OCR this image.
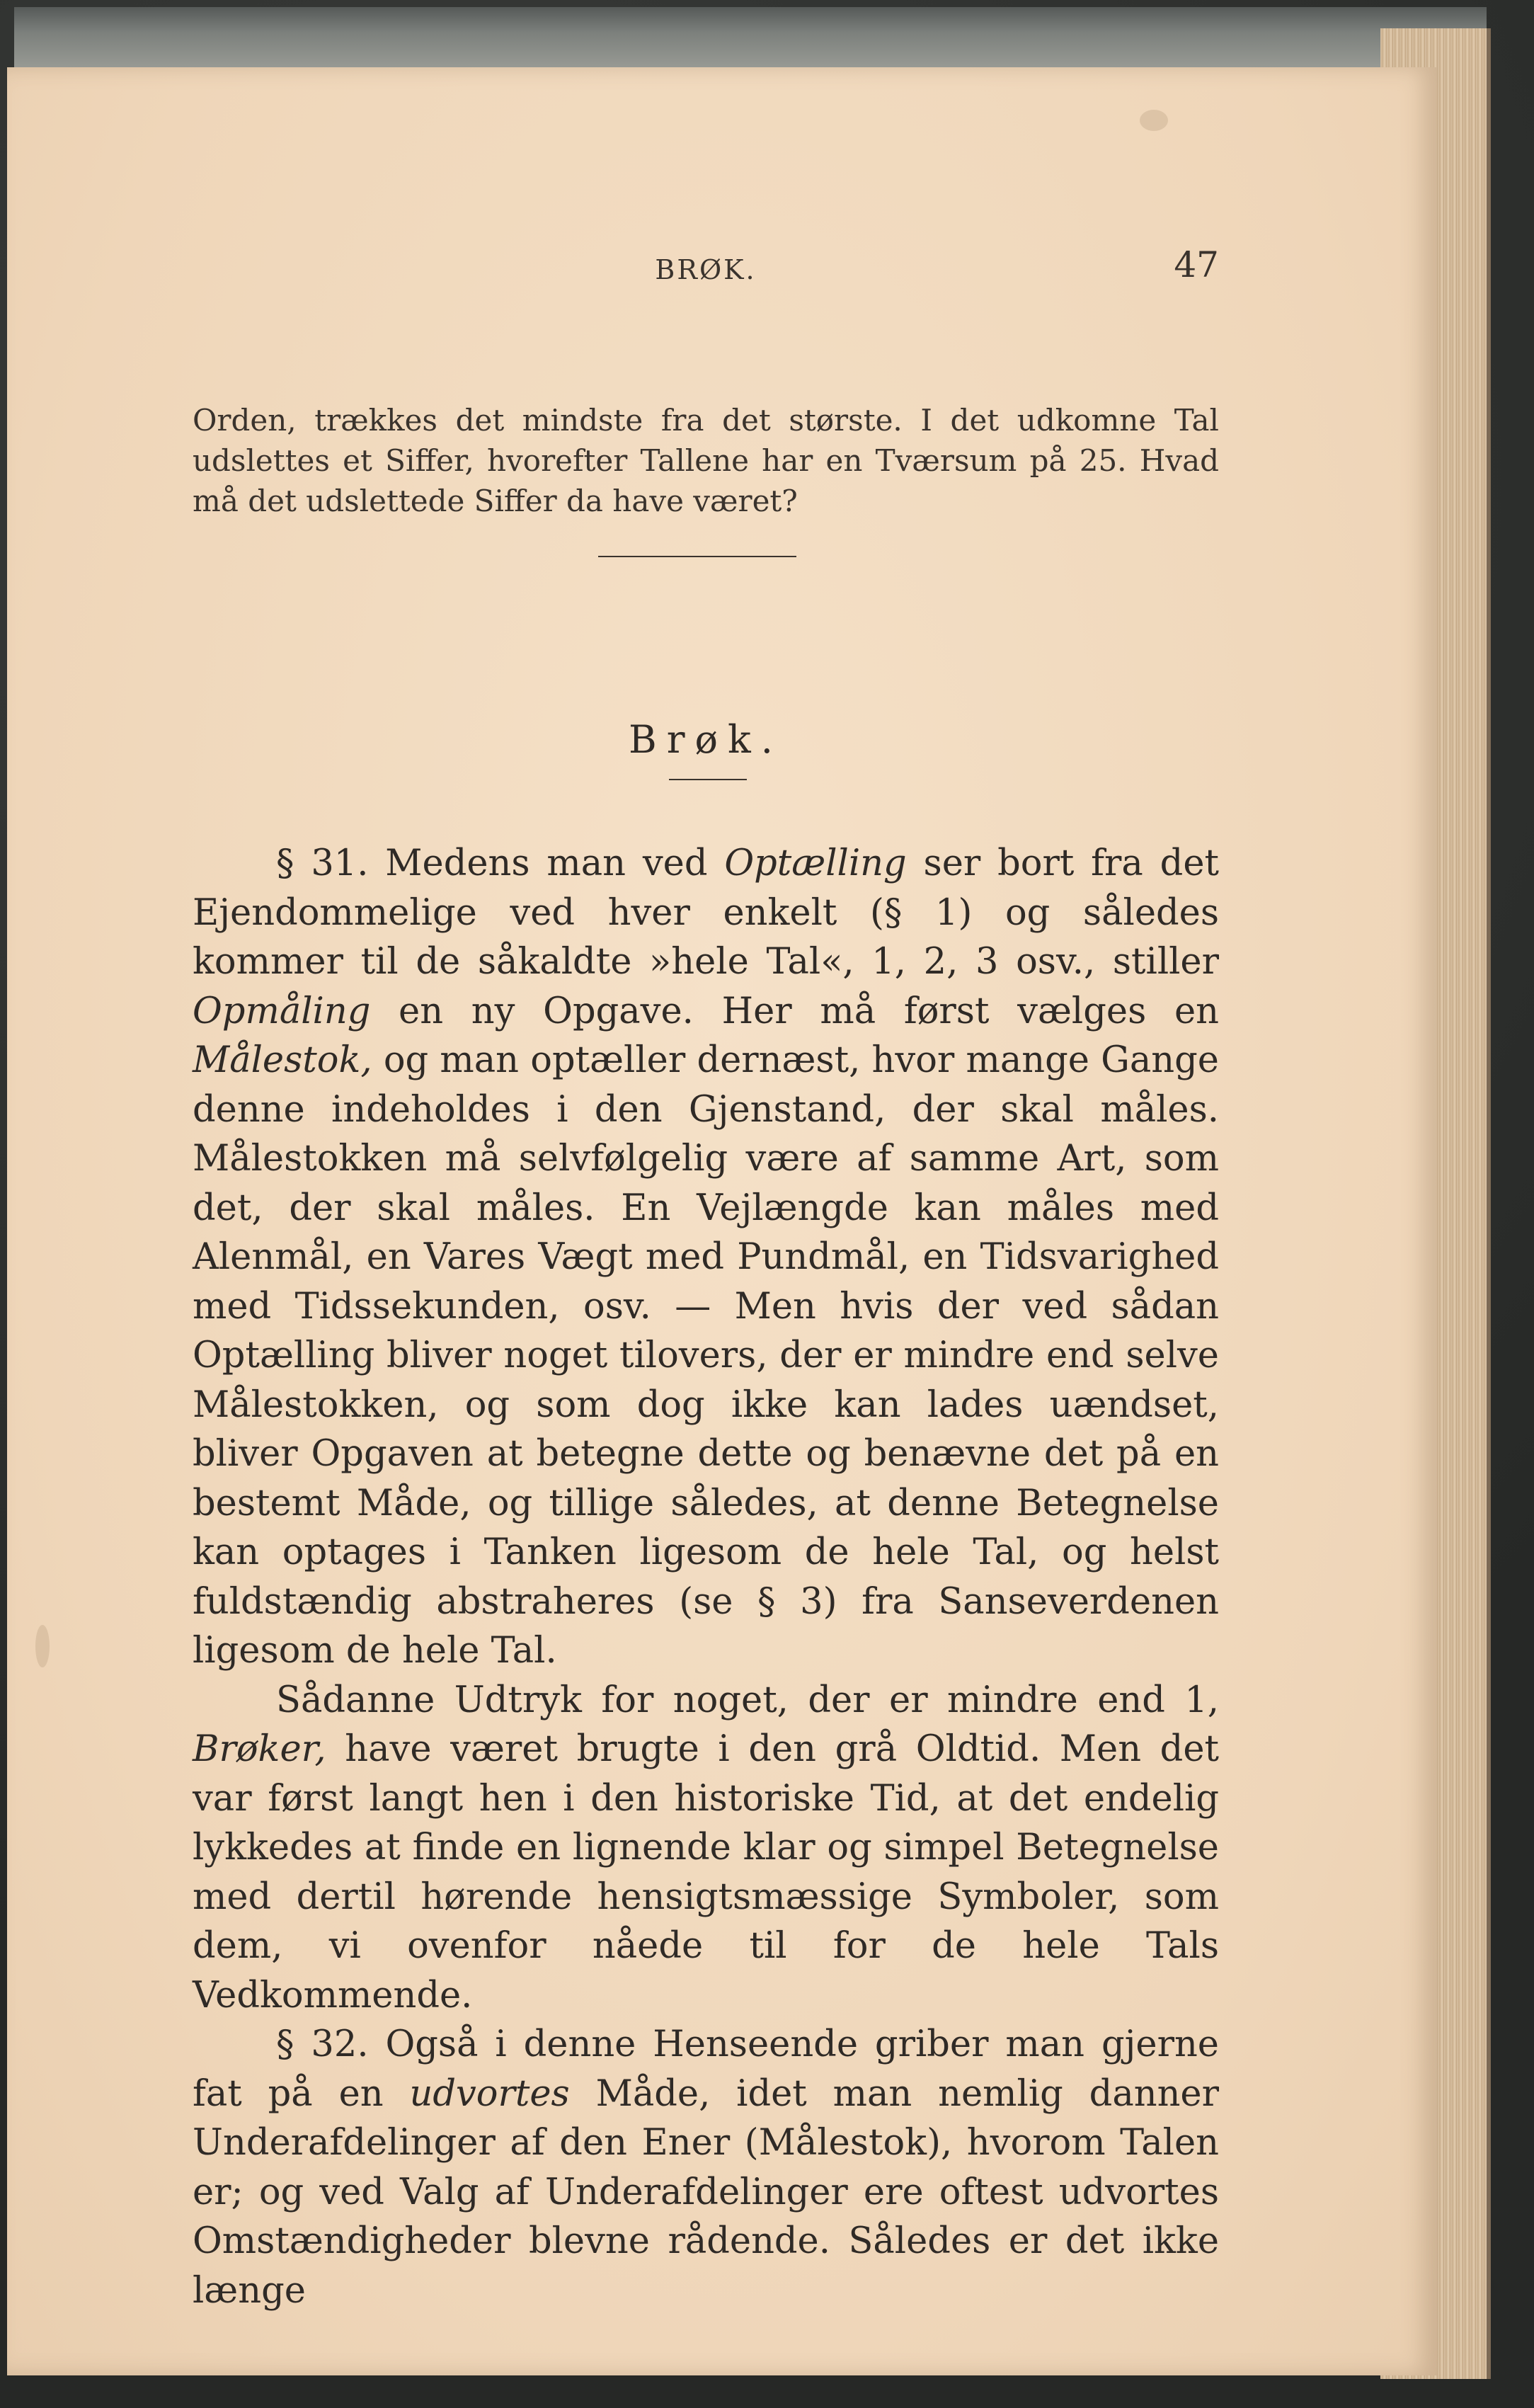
BRØK.	47
Orden, trækkes det mindste fra det største. I det udkomne Tal udslettes et Siffer, hvorefter Tallene har en Tværsum på 25. Hvad må det udslettede Siffer da have været?
Brøk.

§ 31. Medens man ved Optælling ser bort fra det Ejendommelige ved hver enkelt (§ 1) og således kommer til de såkaldte »hele Tal«, 1, 2, 3 osv., stiller Opmåling en ny Opgave. Her må først vælges en Målestok, og man optæller dernæst, hvor mange Gange denne indeholdes i den Gjenstand, der skal måles. Målestokken må selvfølgelig være af samme Art, som det, der skal måles. En Vejlængde kan måles med Alenmål, en Vares Vægt med Pundmål, en Tidsvarighed med Tidssekunden, osv. — Men hvis der ved sådan Optælling bliver noget tilovers, der er mindre end selve Målestokken, og som dog ikke kan lades uændset, bliver Opgaven at betegne dette og benævne det på en bestemt Måde, og tillige således, at denne Betegnelse kan optages i Tanken ligesom de hele Tal, og helst fuldstændig abstraheres (se § 3) fra Sanseverdenen ligesom de hele Tal.

Sådanne Udtryk for noget, der er mindre end 1, Brøker, have været brugte i den grå Oldtid. Men det var først langt hen i den historiske Tid, at det endelig lykkedes at finde en lignende klar og simpel Betegnelse med dertil hørende hensigtsmæssige Symboler, som dem, vi ovenfor nåede til for de hele Tals Vedkommende.

§ 32. Også i denne Henseende griber man gjerne fat på en udvortes Måde, idet man nemlig danner Underafdelinger af den Ener (Målestok), hvorom Talen er; og ved Valg af Underafdelinger ere oftest udvortes Omstændigheder blevne rådende. Således er det ikke længe
